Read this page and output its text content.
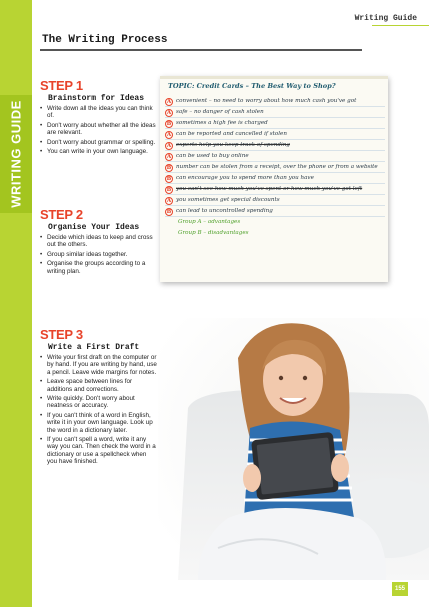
WRITING GUIDE
Writing Guide
The Writing Process
STEP 1
Brainstorm for Ideas
• Write down all the ideas you can think of.
• Don't worry about whether all the ideas are relevant.
• Don't worry about grammar or spelling.
• You can write in your own language.
STEP 2
Organise Your Ideas
• Decide which ideas to keep and cross out the others.
• Group similar ideas together.
• Organise the groups according to a writing plan.
STEP 3
Write a First Draft
• Write your first draft on the computer or by hand. If you are writing by hand, use a pencil. Leave wide margins for notes.
• Leave space between lines for additions and corrections.
• Write quickly. Don't worry about neatness or accuracy.
• If you can't think of a word in English, write it in your own language. Look up the word in a dictionary later.
• If you can't spell a word, write it any way you can. Then check the word in a dictionary or use a spellcheck when you have finished.
TOPIC: Credit Cards – The Best Way to Shop?
A convenient – no need to worry about how much cash you've got
A safe – no danger of cash stolen
B sometimes a high fee is charged
A can be reported and cancelled if stolen
A experts help you keep track of spending
A can be used to buy online
B number can be stolen from a receipt, over the phone or from a website
B can encourage you to spend more than you have
B you can't see how much you've spent or how much you've got left
A you sometimes get special discounts
B can lead to uncontrolled spending
Group A – advantages
Group B – disadvantages
155
